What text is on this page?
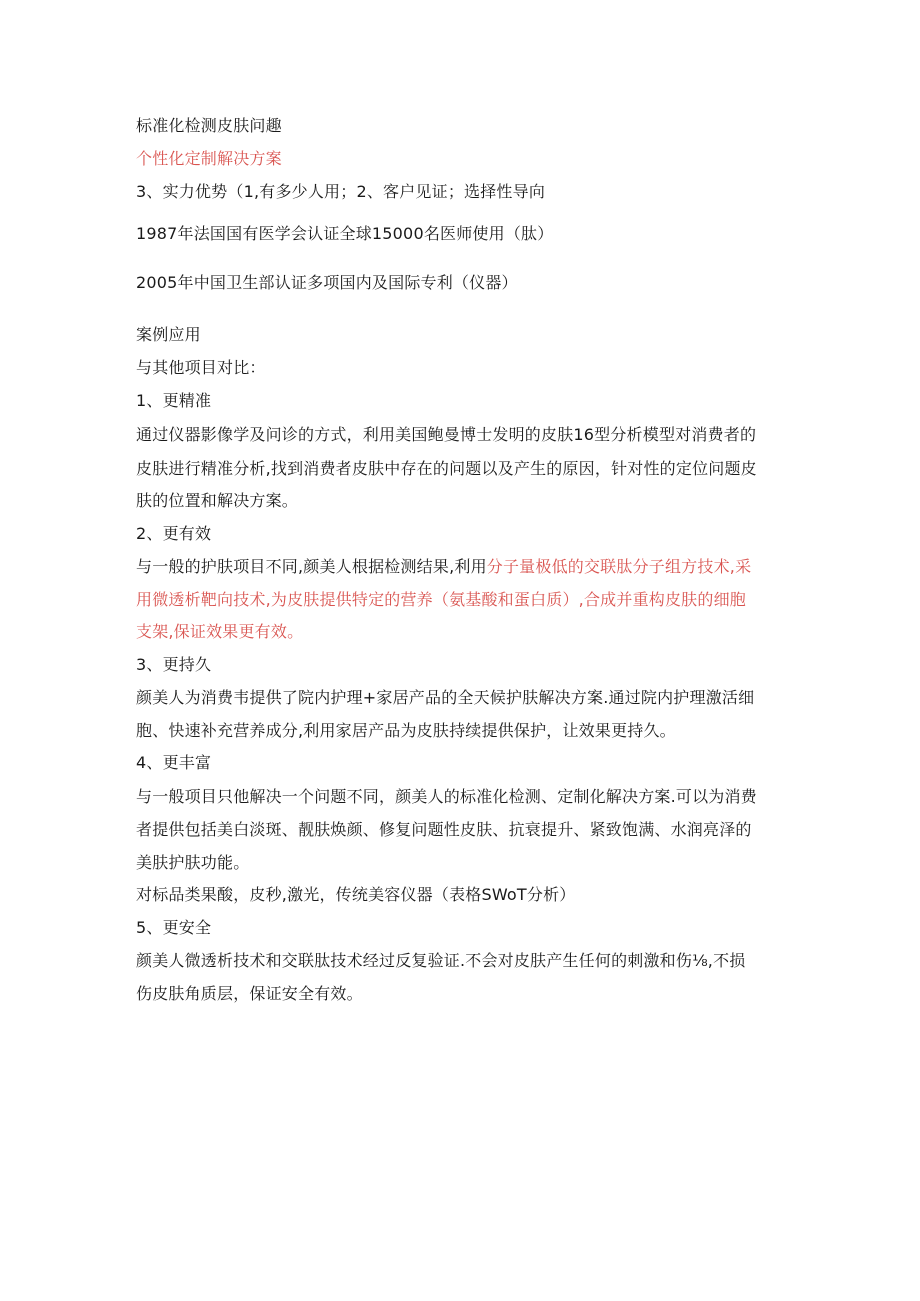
标准化检测皮肤问趣

个性化定制解决方案

3、实力优势（1,有多少人用；2、客户见证；选择性导向

1987年法国国有医学会认证全球15000名医师使用（肽）

2005年中国卫生部认证多项国内及国际专利（仪器）

案例应用

与其他项目对比：

1、更精准

通过仪器影像学及问诊的方式，利用美国鲍曼博士发明的皮肤16型分析模型对消费者的

皮肤进行精准分析,找到消费者皮肤中存在的问题以及产生的原因，针对性的定位问题皮

肤的位置和解决方案。

2、更有效

与一般的护肤项目不同,颜美人根据检测结果,利用分子量极低的交联肽分子组方技术,采

用微透析靶向技术,为皮肤提供特定的营养（氨基酸和蛋白质）,合成并重构皮肤的细胞

支架,保证效果更有效。

3、更持久

颜美人为消费韦提供了院内护理+家居产品的全天候护肤解决方案.通过院内护理激活细

胞、快速补充营养成分,利用家居产品为皮肤持续提供保护，让效果更持久。

4、更丰富

与一般项目只他解决一个问题不同，颜美人的标准化检测、定制化解决方案.可以为消费

者提供包括美白淡斑、靓肤焕颜、修复问题性皮肤、抗衰提升、紧致饱满、水润亮泽的

美肤护肤功能。

对标品类果酸，皮秒,激光，传统美容仪器（表格SWoT分析）

5、更安全

颜美人微透析技术和交联肽技术经过反复验证.不会对皮肤产生任何的刺激和伤⅛,不损

伤皮肤角质层，保证安全有效。
